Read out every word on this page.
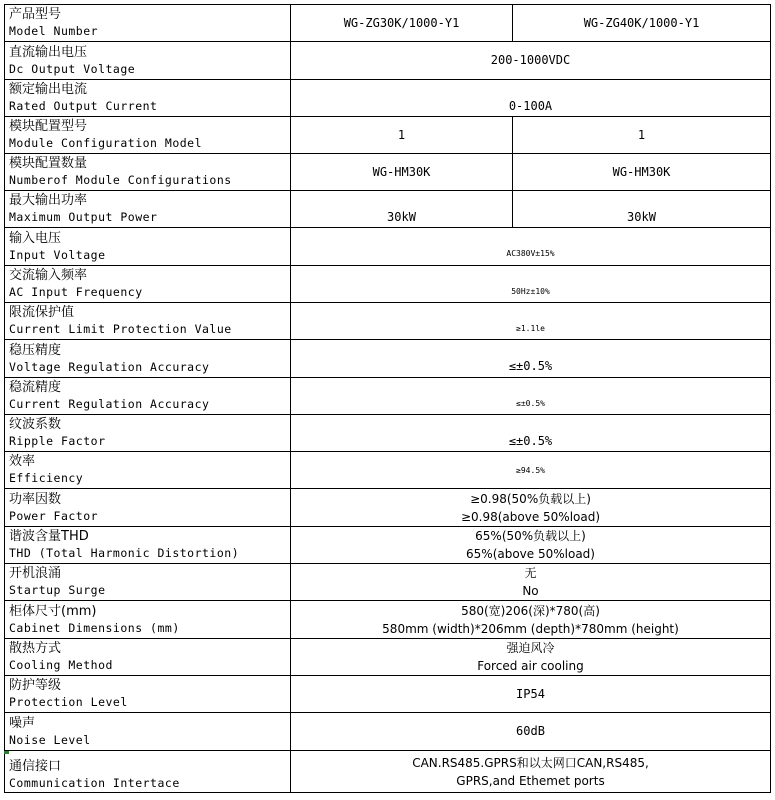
产品型号
Model Number	WG-ZG30K/1000-Y1	WG-ZG40K/1000-Y1

直流输出电压
Dc Output Voltage	200-1000VDC	

额定输出电流
Rated Output Current	0-100A	

模块配置型号
Module Configuration Model	1	1

模块配置数量
Numberof Module Configurations	WG-HM30K	WG-HM30K

最大输出功率
Maximum Output Power	30kW	30kW

输入电压
Input Voltage	AC380V±15%	

交流输入频率
AC Input Frequency	50Hz±10%	

限流保护值
Current Limit Protection Value	≥1.1le	

稳压精度
Voltage Regulation Accuracy	≤±0.5%	

稳流精度
Current Regulation Accuracy	≤±0.5%	

纹波系数
Ripple Factor	≤±0.5%	

效率
Efficiency	≥94.5%	

功率因数
Power Factor	≥0.98(50%负载以上)
≥0.98(above 50%load)	

谐波含量THD
THD (Total Harmonic Distortion)	65%(50%负载以上)
65%(above 50%load)	

开机浪涌
Startup Surge	无
No	

柜体尺寸(mm)
Cabinet Dimensions (mm)	580(宽)206(深)*780(高)
580mm (width)*206mm (depth)*780mm (height)	

散热方式
Cooling Method	强迫风冷
Forced air cooling	

防护等级
Protection Level	IP54	

噪声
Noise Level	60dB	

通信接口
Communication Intertace	CAN.RS485.GPRS和以太网口CAN,RS485,
GPRS,and Ethemet ports	
